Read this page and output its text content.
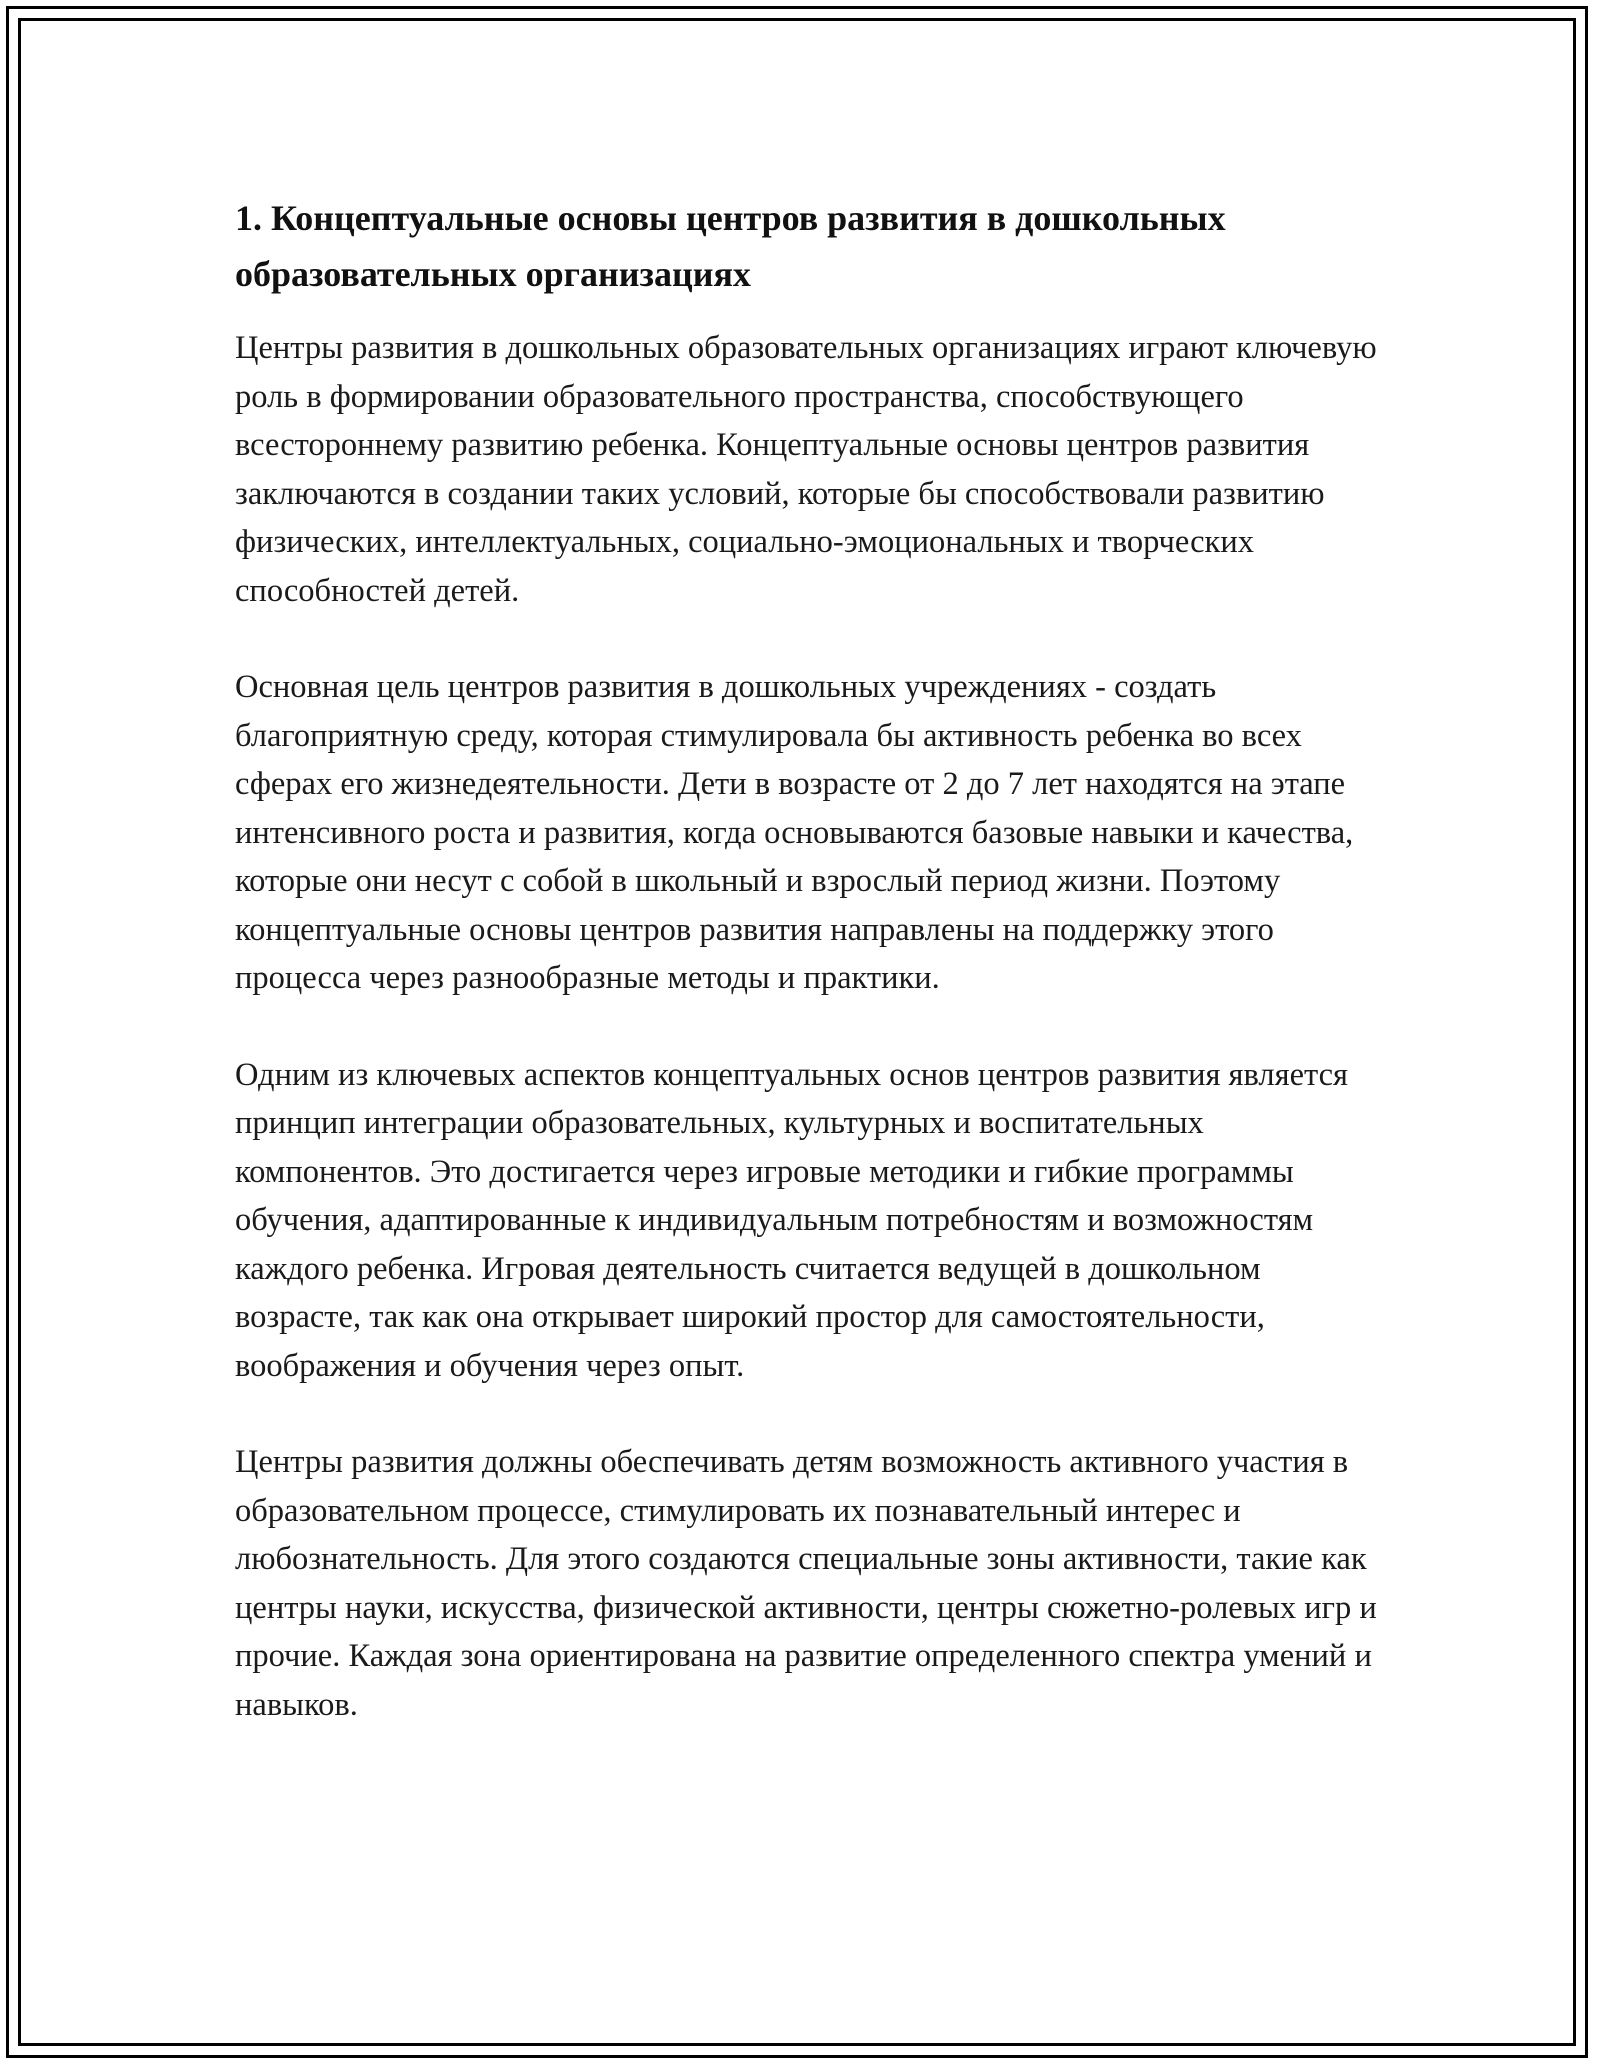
1. Концептуальные основы центров развития в дошкольных образовательных организациях

Центры развития в дошкольных образовательных организациях играют ключевую роль в формировании образовательного пространства, способствующего всестороннему развитию ребенка. Концептуальные основы центров развития заключаются в создании таких условий, которые бы способствовали развитию физических, интеллектуальных, социально-эмоциональных и творческих способностей детей.

Основная цель центров развития в дошкольных учреждениях - создать благоприятную среду, которая стимулировала бы активность ребенка во всех сферах его жизнедеятельности. Дети в возрасте от 2 до 7 лет находятся на этапе интенсивного роста и развития, когда основываются базовые навыки и качества, которые они несут с собой в школьный и взрослый период жизни. Поэтому концептуальные основы центров развития направлены на поддержку этого процесса через разнообразные методы и практики.

Одним из ключевых аспектов концептуальных основ центров развития является принцип интеграции образовательных, культурных и воспитательных компонентов. Это достигается через игровые методики и гибкие программы обучения, адаптированные к индивидуальным потребностям и возможностям каждого ребенка. Игровая деятельность считается ведущей в дошкольном возрасте, так как она открывает широкий простор для самостоятельности, воображения и обучения через опыт.

Центры развития должны обеспечивать детям возможность активного участия в образовательном процессе, стимулировать их познавательный интерес и любознательность. Для этого создаются специальные зоны активности, такие как центры науки, искусства, физической активности, центры сюжетно-ролевых игр и прочие. Каждая зона ориентирована на развитие определенного спектра умений и навыков.
